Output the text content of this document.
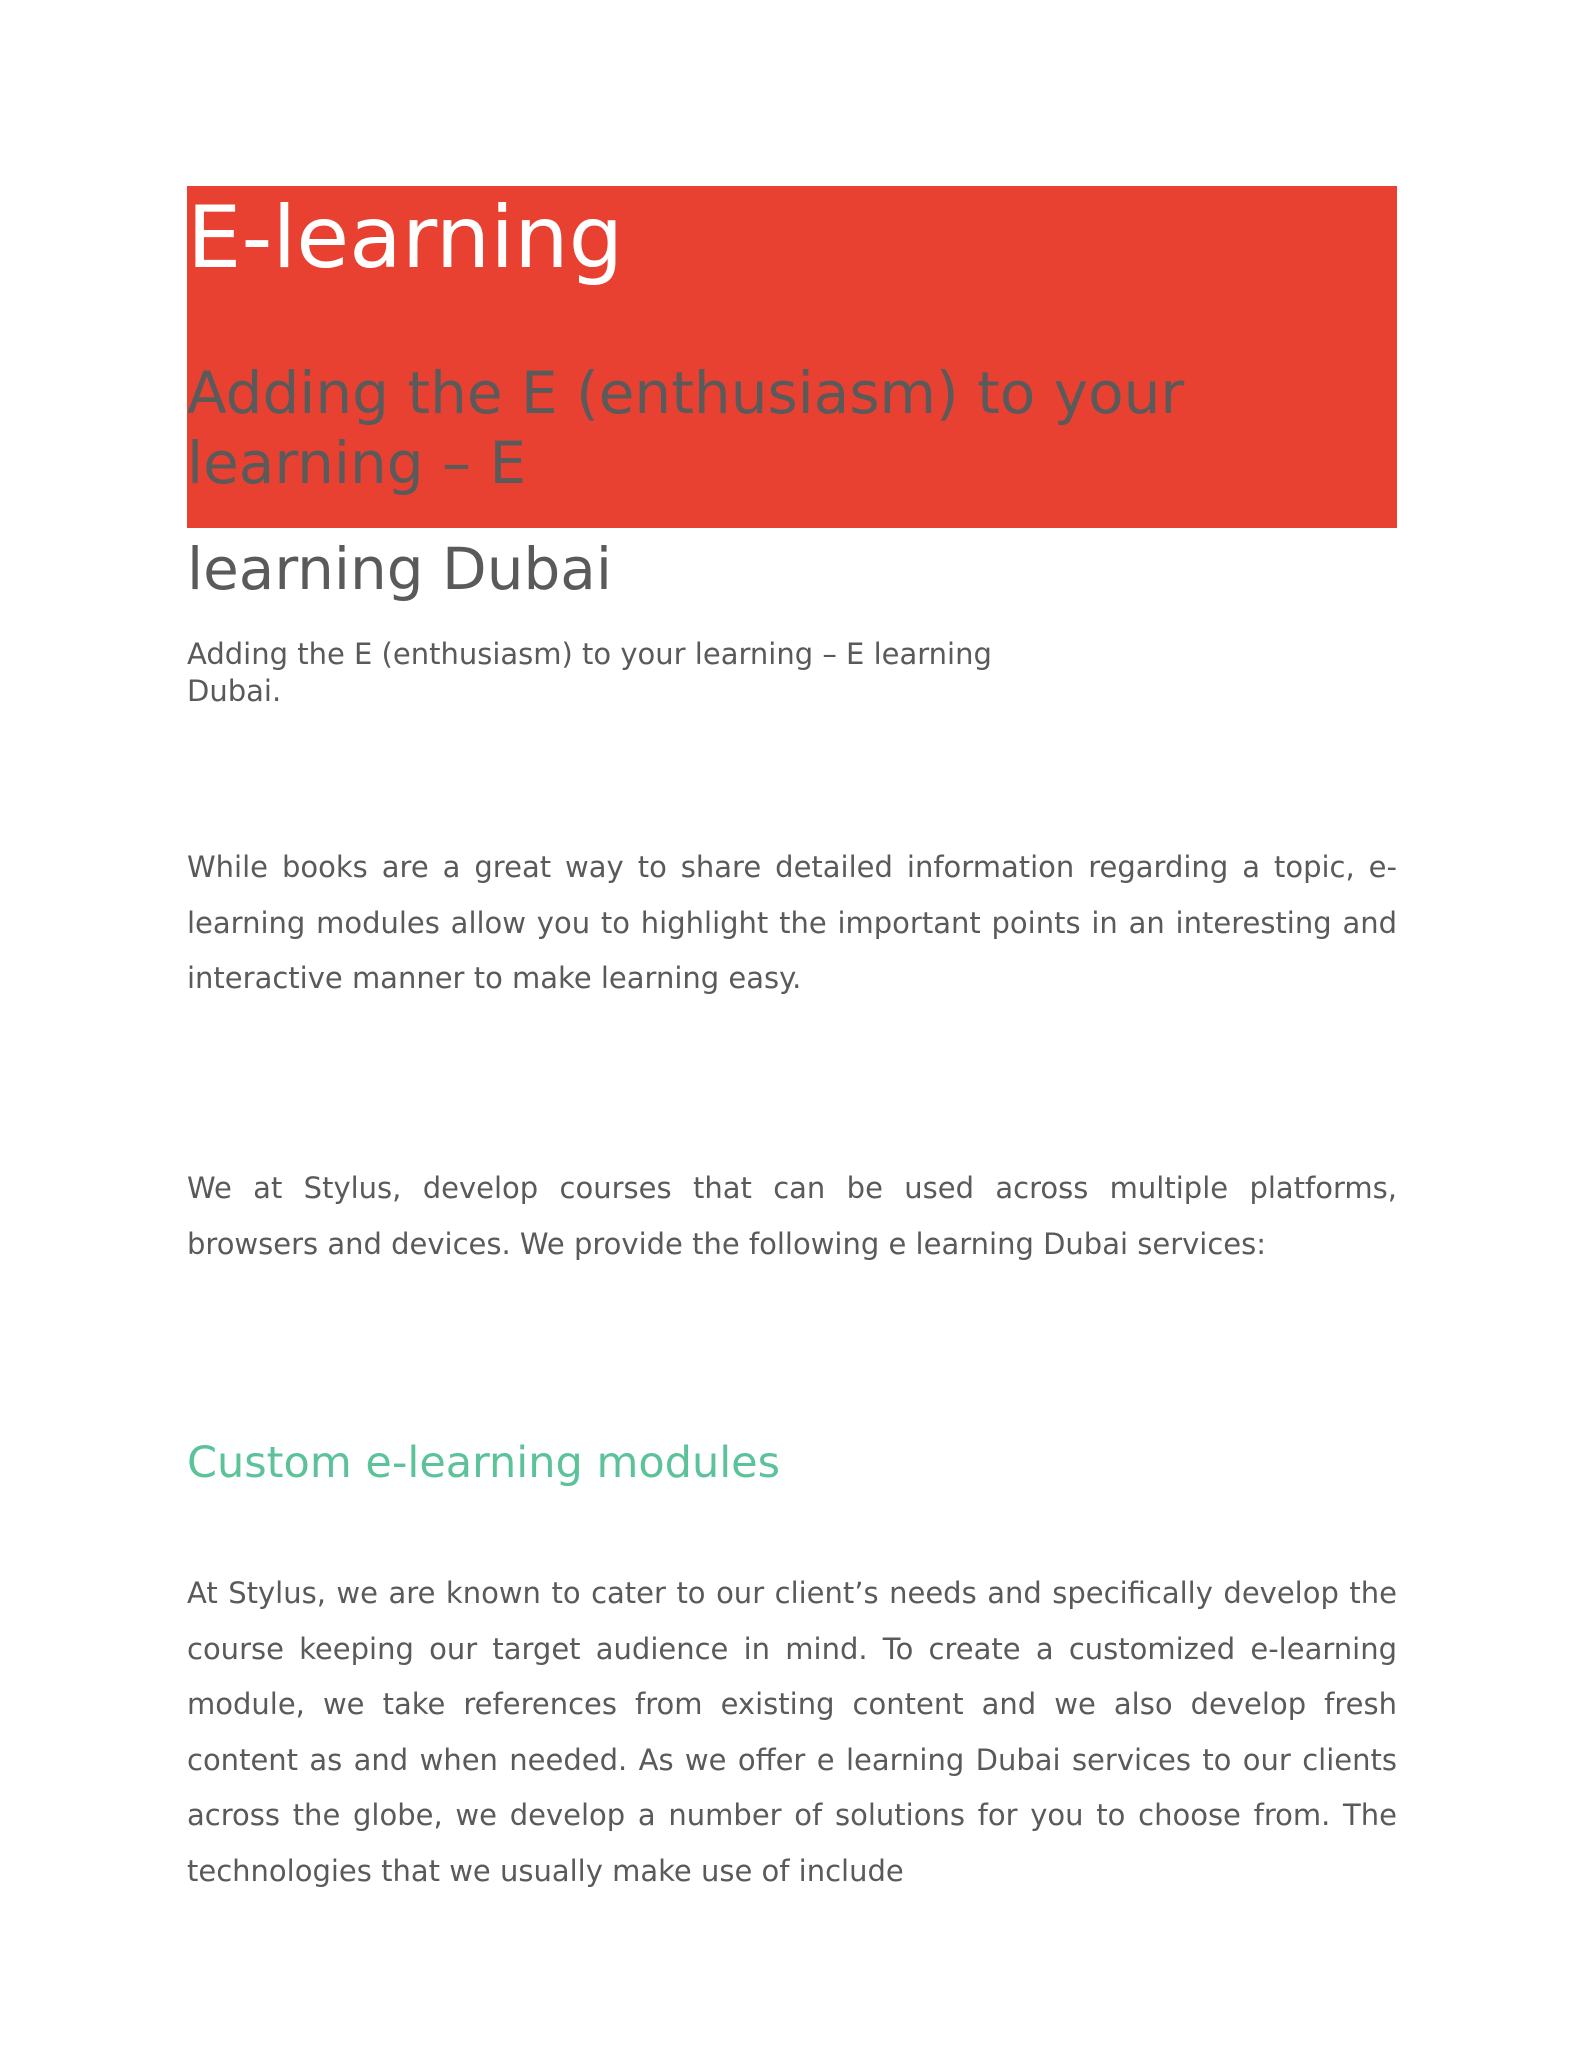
E-learning
Adding the E (enthusiasm) to your learning – E
learning Dubai

Adding the E (enthusiasm) to your learning – E learning Dubai.

While books are a great way to share detailed information regarding a topic, e-learning modules allow you to highlight the important points in an interesting and interactive manner to make learning easy.

We at Stylus, develop courses that can be used across multiple platforms, browsers and devices. We provide the following e learning Dubai services:

Custom e-learning modules

At Stylus, we are known to cater to our client’s needs and specifically develop the course keeping our target audience in mind. To create a customized e-learning module, we take references from existing content and we also develop fresh content as and when needed. As we offer e learning Dubai services to our clients across the globe, we develop a number of solutions for you to choose from. The technologies that we usually make use of include
